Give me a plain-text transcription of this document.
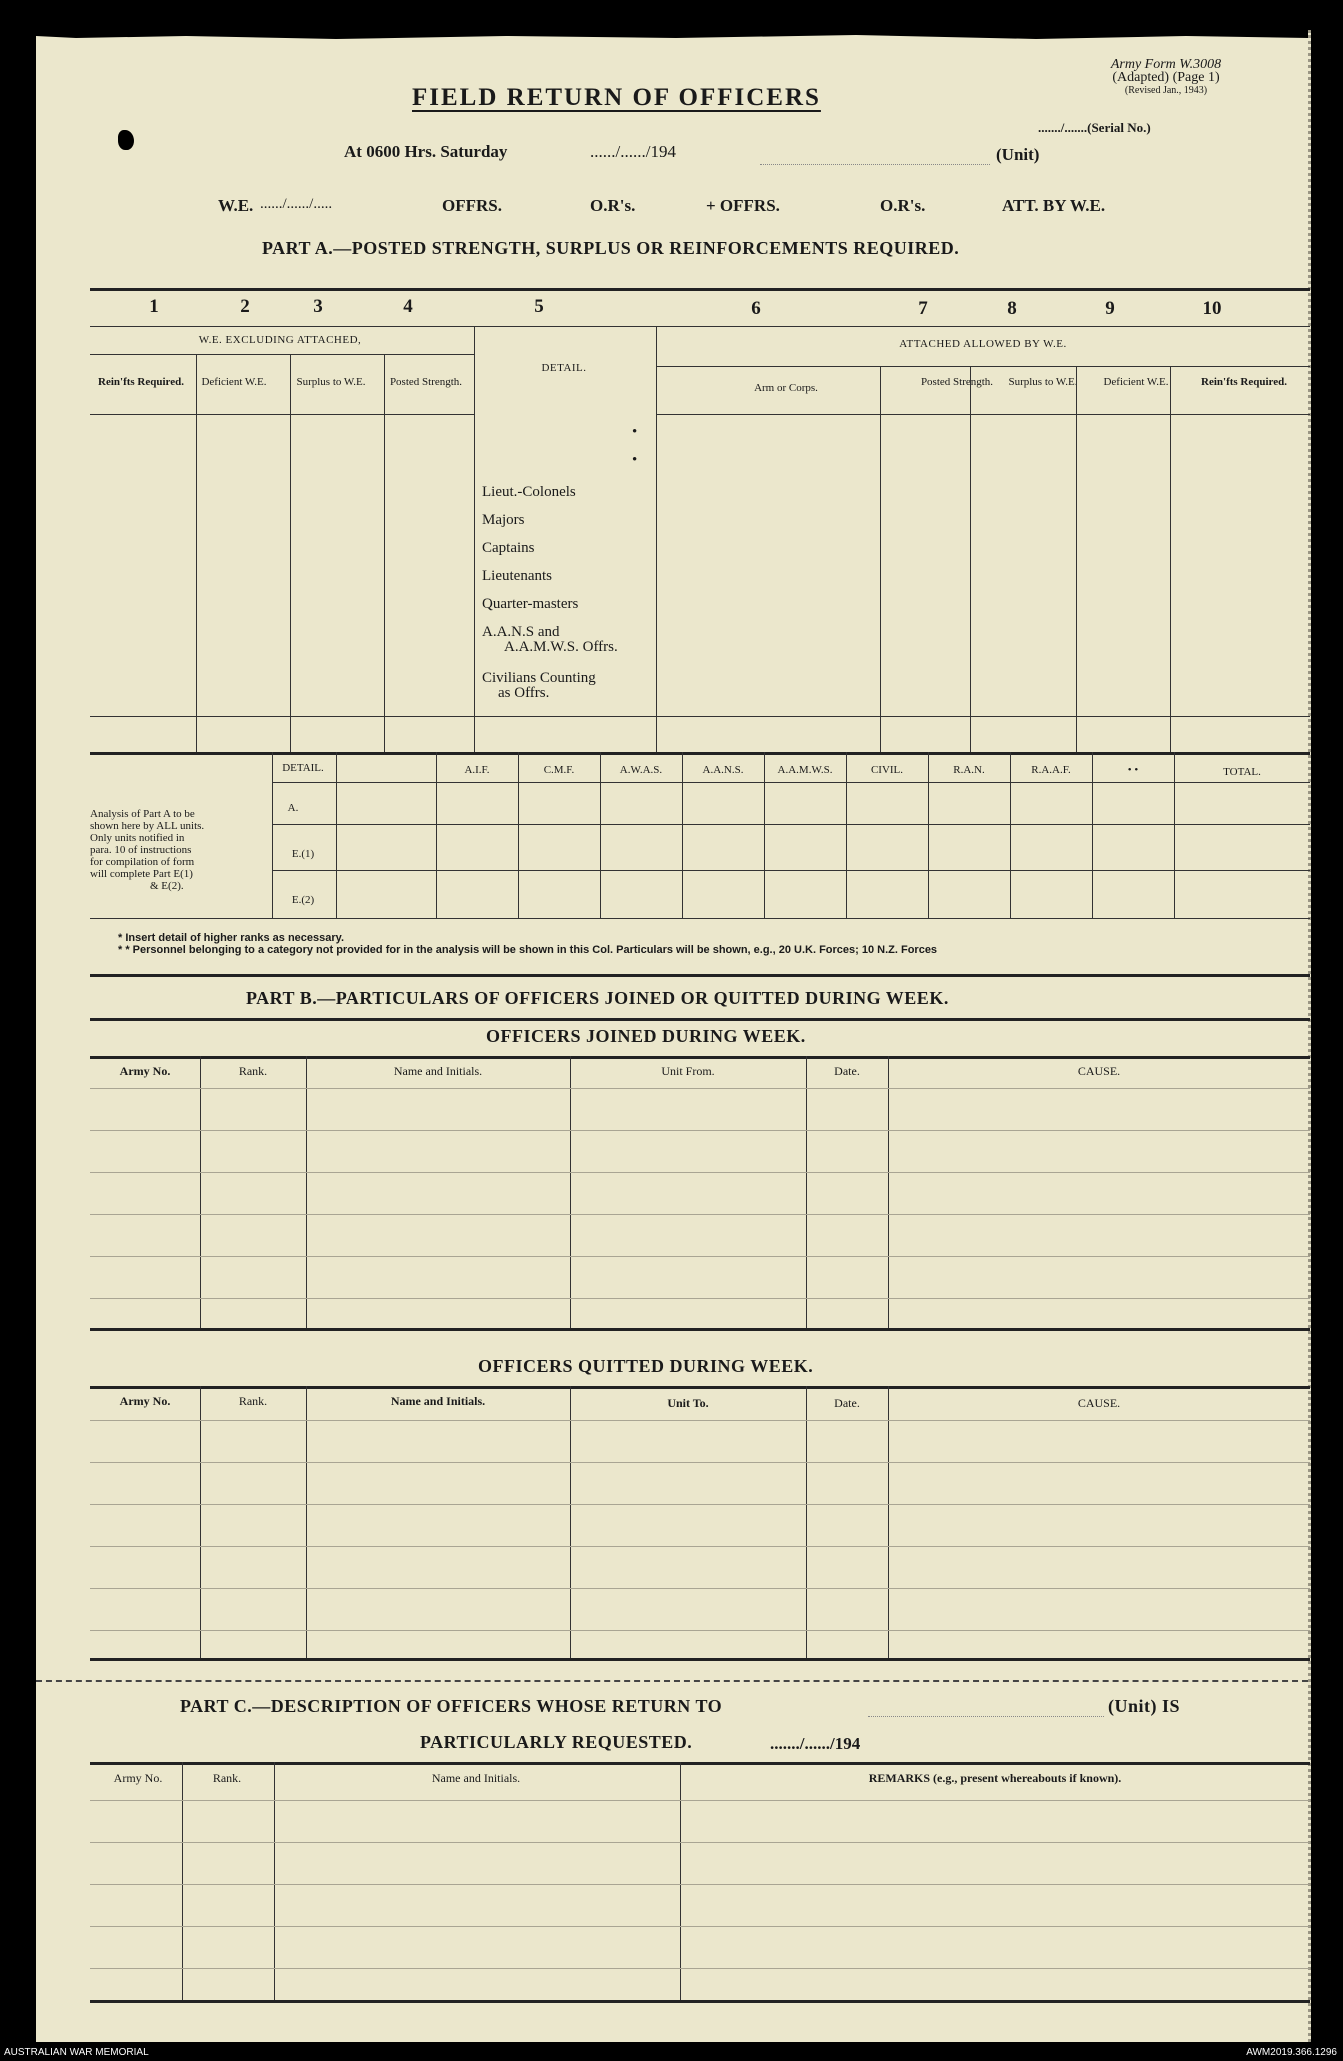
Army Form W.3008
(Adapted) (Page 1)
(Revised Jan., 1943)
FIELD RETURN OF OFFICERS
......./.......(Serial No.)
At 0600 Hrs. Saturday	....../....../194	(Unit)
W.E. ....../....../.....	OFFRS.	O.R's.	+ OFFRS.	O.R's.	ATT. BY W.E.
PART A.—POSTED STRENGTH, SURPLUS OR REINFORCEMENTS REQUIRED.
1	2	3	4	5	6	7	8	9	10
W.E. EXCLUDING ATTACHED,	ATTACHED ALLOWED BY W.E.
DETAIL.
Rein'fts Required.	Deficient W.E.	Surplus to W.E.	Posted Strength.	Arm or Corps.	Posted Strength.	Surplus to W.E.	Deficient W.E.	Rein'fts Required.
•
•
Lieut.-Colonels
Majors
Captains
Lieutenants
Quarter-masters
A.A.N.S and
A.A.M.W.S. Offrs.
Civilians Counting
as Offrs.
Analysis of Part A to be
shown here by ALL units.
Only units notified in
para. 10 of instructions
for compilation of form
will complete Part E(1)
& E(2).
DETAIL.	A.I.F.	C.M.F.	A.W.A.S.	A.A.N.S.	A.A.M.W.S.	CIVIL.	R.A.N.	R.A.A.F.	• •	TOTAL.
A.
E.(1)
E.(2)
* Insert detail of higher ranks as necessary.
* * Personnel belonging to a category not provided for in the analysis will be shown in this Col. Particulars will be shown, e.g., 20 U.K. Forces; 10 N.Z. Forces
PART B.—PARTICULARS OF OFFICERS JOINED OR QUITTED DURING WEEK.
OFFICERS JOINED DURING WEEK.
Army No.	Rank.	Name and Initials.	Unit From.	Date.	CAUSE.
OFFICERS QUITTED DURING WEEK.
Army No.	Rank.	Name and Initials.	Unit To.	Date.	CAUSE.
PART C.—DESCRIPTION OF OFFICERS WHOSE RETURN TO	(Unit) IS
PARTICULARLY REQUESTED.	......./....../194
Army No.	Rank.	Name and Initials.	REMARKS (e.g., present whereabouts if known).
AUSTRALIAN WAR MEMORIAL	AWM2019.366.1296
